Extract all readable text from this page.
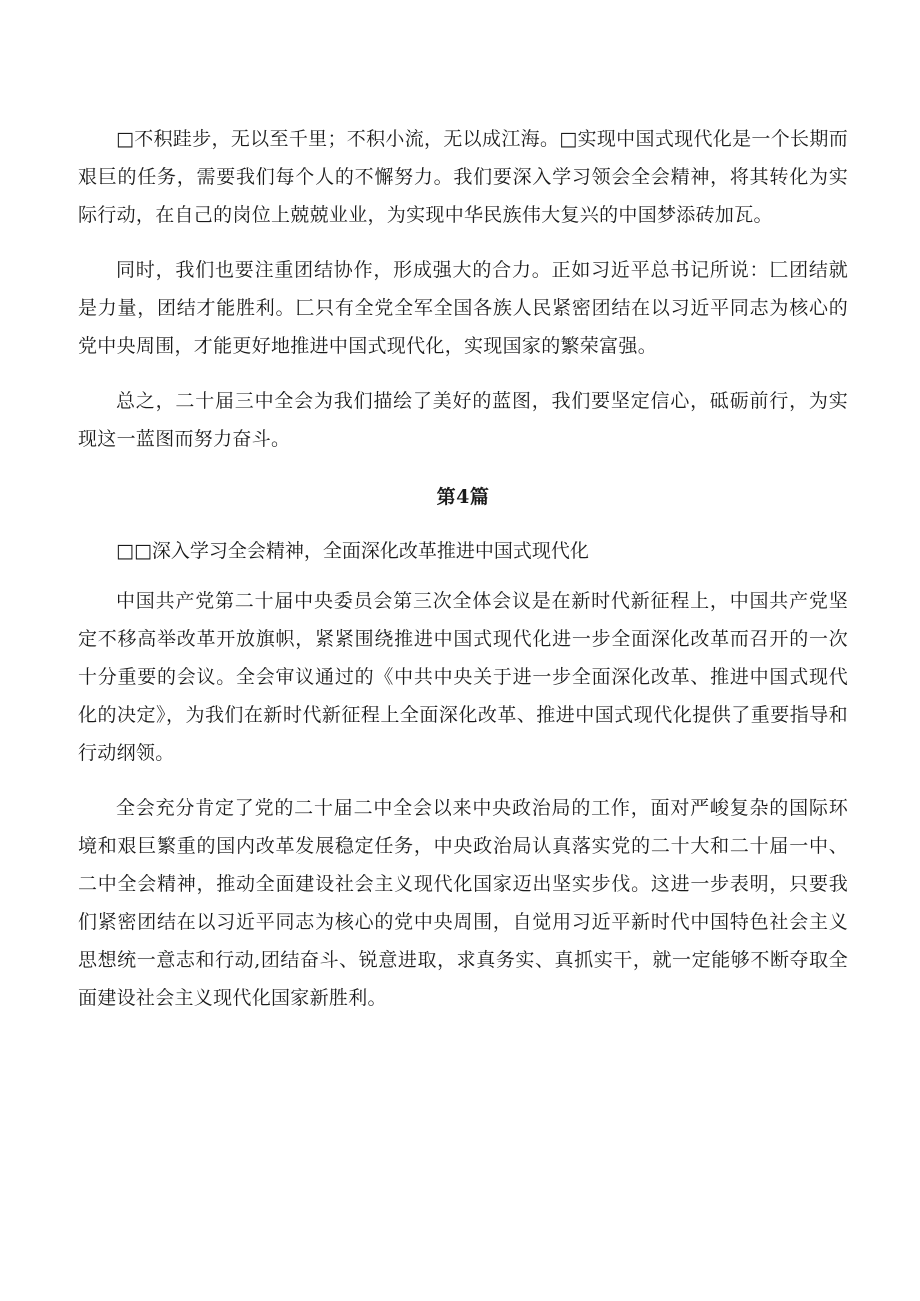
□不积跬步，无以至千里；不积小流，无以成江海。□实现中国式现代化是一个长期而艰巨的任务，需要我们每个人的不懈努力。我们要深入学习领会全会精神，将其转化为实际行动，在自己的岗位上兢兢业业，为实现中华民族伟大复兴的中国梦添砖加瓦。

同时，我们也要注重团结协作，形成强大的合力。正如习近平总书记所说：匚团结就是力量，团结才能胜利。匚只有全党全军全国各族人民紧密团结在以习近平同志为核心的党中央周围，才能更好地推进中国式现代化，实现国家的繁荣富强。

总之，二十届三中全会为我们描绘了美好的蓝图，我们要坚定信心，砥砺前行，为实现这一蓝图而努力奋斗。

第4篇

□□深入学习全会精神，全面深化改革推进中国式现代化

中国共产党第二十届中央委员会第三次全体会议是在新时代新征程上，中国共产党坚定不移高举改革开放旗帜，紧紧围绕推进中国式现代化进一步全面深化改革而召开的一次十分重要的会议。全会审议通过的《中共中央关于进一步全面深化改革、推进中国式现代化的决定》，为我们在新时代新征程上全面深化改革、推进中国式现代化提供了重要指导和行动纲领。

全会充分肯定了党的二十届二中全会以来中央政治局的工作，面对严峻复杂的国际环境和艰巨繁重的国内改革发展稳定任务，中央政治局认真落实党的二十大和二十届一中、二中全会精神，推动全面建设社会主义现代化国家迈出坚实步伐。这进一步表明，只要我们紧密团结在以习近平同志为核心的党中央周围，自觉用习近平新时代中国特色社会主义思想统一意志和行动,团结奋斗、锐意进取，求真务实、真抓实干，就一定能够不断夺取全面建设社会主义现代化国家新胜利。
